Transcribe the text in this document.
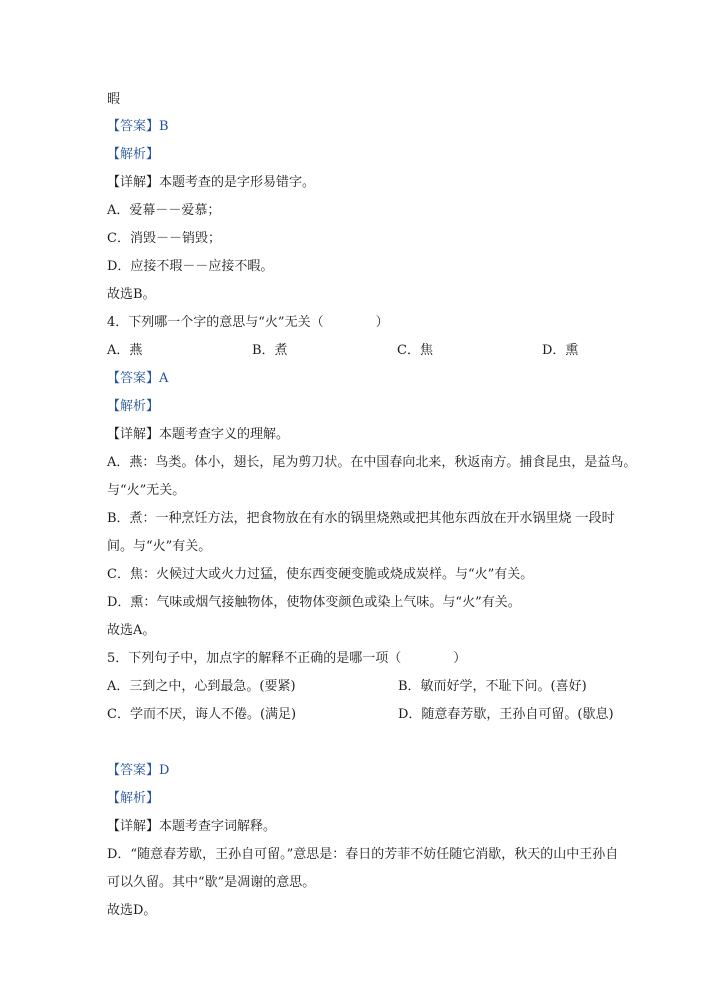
暇
【答案】B
【解析】
【详解】本题考查的是字形易错字。
A．爱幕－－爱慕；
C．消毁－－销毁；
D．应接不瑕－－应接不暇。
故选B。
4．下列哪一个字的意思与“火”无关（　　　　）
A．燕	B．煮	C．焦	D．熏
【答案】A
【解析】
【详解】本题考查字义的理解。
A．燕：鸟类。体小，翅长，尾为剪刀状。在中国春向北来，秋返南方。捕食昆虫，是益鸟。
与“火”无关。
B．煮：一种烹饪方法，把食物放在有水的锅里烧熟或把其他东西放在开水锅里烧 一段时
间。与“火”有关。
C．焦：火候过大或火力过猛，使东西变硬变脆或烧成炭样。与“火”有关。
D．熏：气味或烟气接触物体，使物体变颜色或染上气味。与“火”有关。
故选A。
5．下列句子中，加点字的解释不正确的是哪一项（　　　　）
A．三到之中，心到最急。(要紧)	B．敏而好学，不耻下问。(喜好)
C．学而不厌，诲人不倦。(满足)	D．随意春芳歇，王孙自可留。(歇息)
【答案】D
【解析】
【详解】本题考查字词解释。
D．“随意春芳歇，王孙自可留。”意思是：春日的芳菲不妨任随它消歇，秋天的山中王孙自
可以久留。其中“歇”是凋谢的意思。
故选D。
